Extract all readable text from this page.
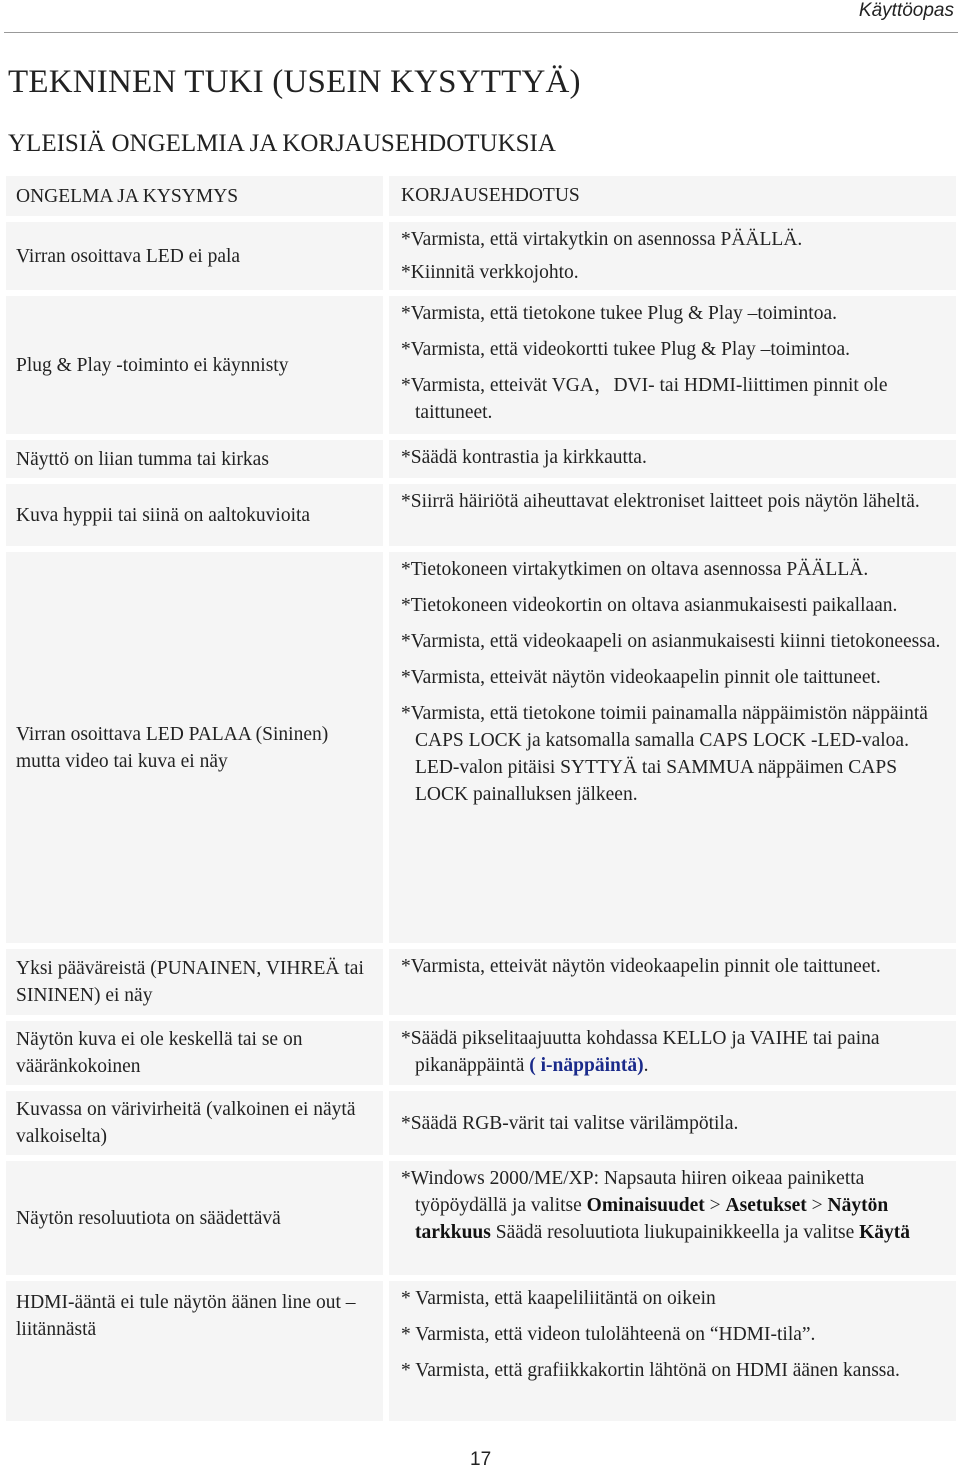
Käyttöopas
TEKNINEN TUKI (USEIN KYSYTTYÄ)
YLEISIÄ ONGELMIA JA KORJAUSEHDOTUKSIA
ONGELMA JA KYSYMYS	KORJAUSEHDOTUS
Virran osoittava LED ei pala
*Varmista, että virtakytkin on asennossa PÄÄLLÄ.
*Kiinnitä verkkojohto.
Plug & Play -toiminto ei käynnisty
*Varmista, että tietokone tukee Plug & Play –toimintoa.
*Varmista, että videokortti tukee Plug & Play –toimintoa.
*Varmista, etteivät VGA，DVI- tai HDMI-liittimen pinnit ole taittuneet.
Näyttö on liian tumma tai kirkas	*Säädä kontrastia ja kirkkautta.
Kuva hyppii tai siinä on aaltokuvioita
*Siirrä häiriötä aiheuttavat elektroniset laitteet pois näytön läheltä.
Virran osoittava LED PALAA (Sininen) mutta video tai kuva ei näy
*Tietokoneen virtakytkimen on oltava asennossa PÄÄLLÄ.
*Tietokoneen videokortin on oltava asianmukaisesti paikallaan.
*Varmista, että videokaapeli on asianmukaisesti kiinni tietokoneessa.
*Varmista, etteivät näytön videokaapelin pinnit ole taittuneet.
*Varmista, että tietokone toimii painamalla näppäimistön näppäintä CAPS LOCK ja katsomalla samalla CAPS LOCK -LED-valoa. LED-valon pitäisi SYTTYÄ tai SAMMUA näppäimen CAPS LOCK painalluksen jälkeen.
Yksi pääväreistä (PUNAINEN, VIHREÄ tai SININEN) ei näy
*Varmista, etteivät näytön videokaapelin pinnit ole taittuneet.
Näytön kuva ei ole keskellä tai se on vääränkokoinen
*Säädä pikselitaajuutta kohdassa KELLO ja VAIHE tai paina pikanäppäintä ( i-näppäintä).
Kuvassa on värivirheitä (valkoinen ei näytä valkoiselta)
*Säädä RGB-värit tai valitse värilämpötila.
Näytön resoluutiota on säädettävä
*Windows 2000/ME/XP: Napsauta hiiren oikeaa painiketta työpöydällä ja valitse Ominaisuudet > Asetukset > Näytön tarkkuus Säädä resoluutiota liukupainikkeella ja valitse Käytä
HDMI-ääntä ei tule näytön äänen line out –liitännästä
* Varmista, että kaapeliliitäntä on oikein
* Varmista, että videon tulolähteenä on “HDMI-tila”.
* Varmista, että grafiikkakortin lähtönä on HDMI äänen kanssa.
17
